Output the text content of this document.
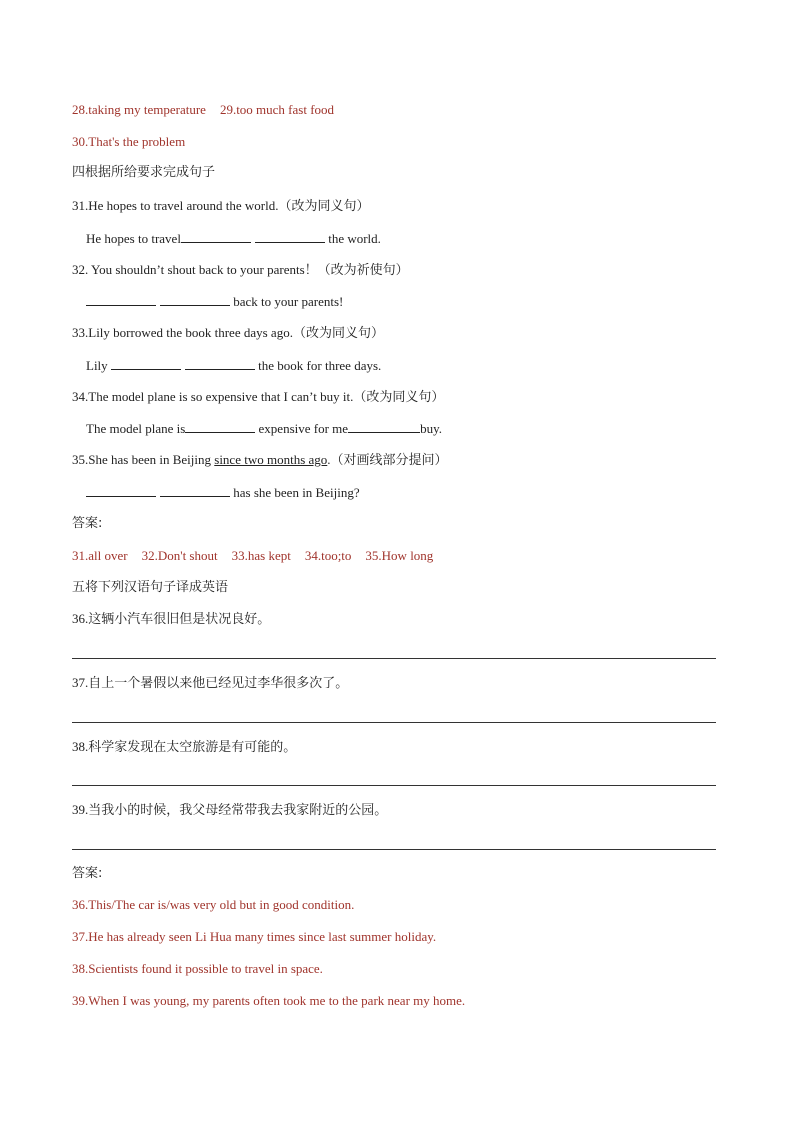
28.taking my temperature 29.too much fast food
30.That's the problem
四根据所给要求完成句子
31.He hopes to travel around the world.（改为同义句）
He hopes to travel	the world.
32. You shouldn’t shout back to your parents！（改为祈使句）
back to your parents!
33.Lily borrowed the book three days ago.（改为同义句）
Lily	the book for three days.
34.The model plane is so expensive that I can’t buy it.（改为同义句）
The model plane is	expensive for me	buy.
35.She has been in Beijing since two months ago.（对画线部分提问）
has she been in Beijing?
答案:
31.all over 32.Don't shout 33.has kept 34.too;to 35.How long
五将下列汉语句子译成英语
36.这辆小汽车很旧但是状况良好。
37.自上一个暑假以来他已经见过李华很多次了。
38.科学家发现在太空旅游是有可能的。
39.当我小的时候，我父母经常带我去我家附近的公园。
答案:
36.This/The car is/was very old but in good condition.
37.He has already seen Li Hua many times since last summer holiday.
38.Scientists found it possible to travel in space.
39.When I was young, my parents often took me to the park near my home.
